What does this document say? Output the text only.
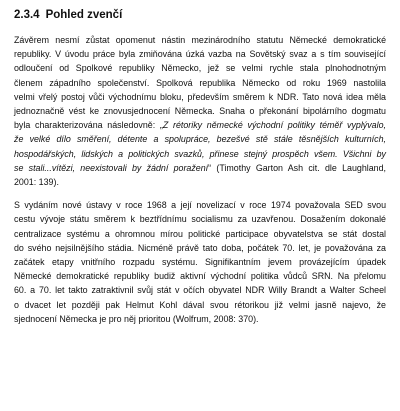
2.3.4 Pohled zvenčí
Závěrem nesmí zůstat opomenut nástin mezinárodního statutu Německé demokratické
republiky. V úvodu práce byla zmiňována úzká vazba na Sovětský svaz a s tím související
odloučení od Spolkové republiky Německo, jež se velmi rychle stala plnohodnotným
členem západního společenství. Spolková republika Německo od roku 1969 nastolila
velmi vřelý postoj vůči východnímu bloku, především směrem k NDR. Tato nová idea měla
jednoznačně vést ke znovusjednocení Německa. Snaha o překonání bipolárního dogmatu
byla charakterizována následovně: „Z rétoriky německé východní politiky téměř vyplývalo,
že velké dílo směření, détente a spolupráce, bezešvé stě stále těsnějších kulturních,
hospodářských, lidských a politických svazků, přinese stejný prospěch všem. Všichni by
se stali...vítězi, neexistovali by žádní poražení“ (Timothy Garton Ash cit. dle Laughland,
2001: 139).
S vydáním nové ústavy v roce 1968 a její novelizací v roce 1974 považovala SED svou
cestu vývoje státu směrem k beztřídnímu socialismu za uzavřenou. Dosažením dokonalé
centralizace systému a ohromnou mírou politické participace obyvatelstva se stát dostal
do svého nejsilnějšího stádia. Nicméně právě tato doba, počátek 70. let, je považována za
začátek etapy vnitřního rozpadu systému. Signifikantním jevem provázejícím úpadek
Německé demokratické republiky budiž aktivní východní politika vůdců SRN. Na přelomu
60. a 70. let takto zatraktivnil svůj stát v očích obyvatel NDR Willy Brandt a Walter Scheel
o dvacet let později pak Helmut Kohl dával svou rétorikou již velmi jasně najevo, že
sjednocení Německa je pro něj prioritou (Wolfrum, 2008: 370).
